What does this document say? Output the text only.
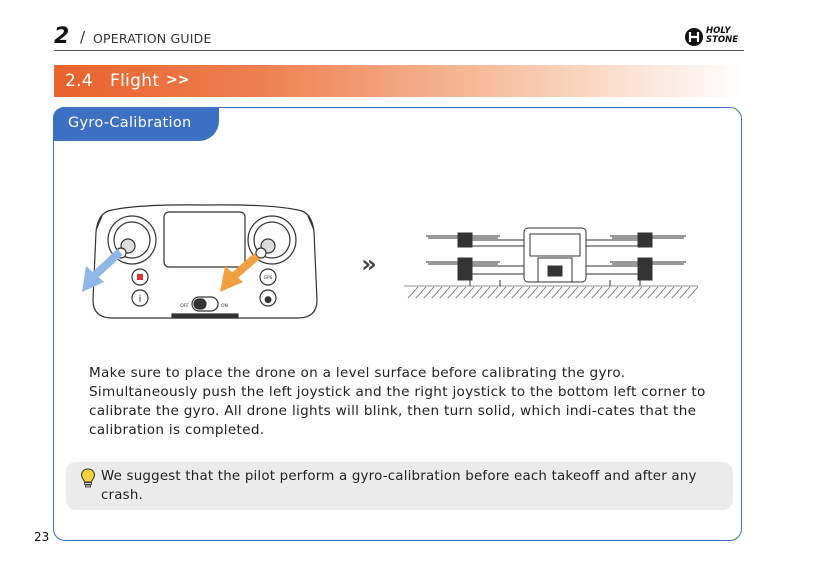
2 / OPERATION GUIDE	HOLY
STONE
2.4   Flight >>
Gyro-Calibration
i	●
GPS
OFF	ON
»

Make sure to place the drone on a level surface before calibrating the gyro. Simultaneously push the left joystick and the right joystick to the bottom left corner to calibrate the gyro. All drone lights will blink, then turn solid, which indi-cates that the calibration is completed.

We suggest that the pilot perform a gyro-calibration before each takeoff and after any crash.

23
